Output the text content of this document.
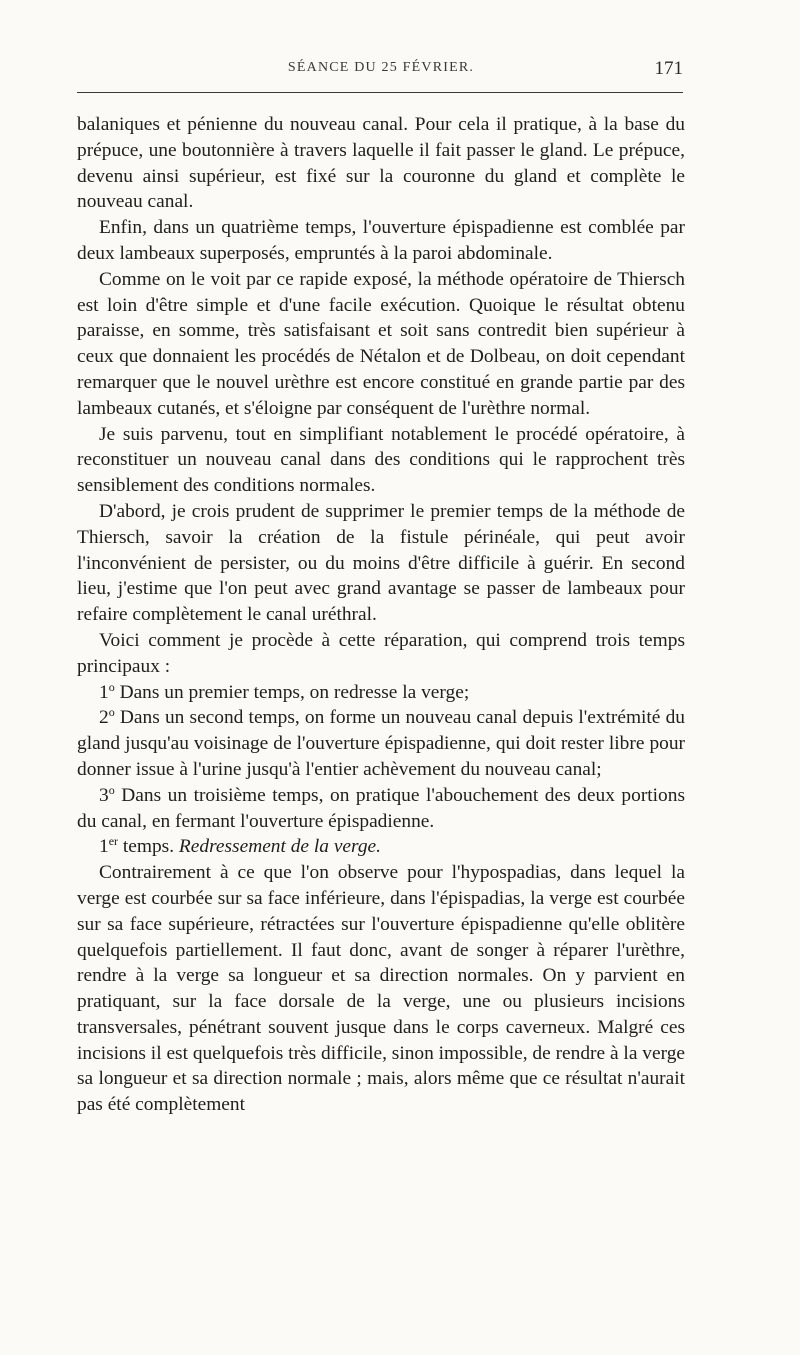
SÉANCE DU 25 FÉVRIER.	171

balaniques et pénienne du nouveau canal. Pour cela il pratique, à la base du prépuce, une boutonnière à travers laquelle il fait passer le gland. Le prépuce, devenu ainsi supérieur, est fixé sur la couronne du gland et complète le nouveau canal.

Enfin, dans un quatrième temps, l'ouverture épispadienne est comblée par deux lambeaux superposés, empruntés à la paroi abdominale.

Comme on le voit par ce rapide exposé, la méthode opératoire de Thiersch est loin d'être simple et d'une facile exécution. Quoique le résultat obtenu paraisse, en somme, très satisfaisant et soit sans contredit bien supérieur à ceux que donnaient les procédés de Nétalon et de Dolbeau, on doit cependant remarquer que le nouvel urèthre est encore constitué en grande partie par des lambeaux cutanés, et s'éloigne par conséquent de l'urèthre normal.

Je suis parvenu, tout en simplifiant notablement le procédé opératoire, à reconstituer un nouveau canal dans des conditions qui le rapprochent très sensiblement des conditions normales.

D'abord, je crois prudent de supprimer le premier temps de la méthode de Thiersch, savoir la création de la fistule périnéale, qui peut avoir l'inconvénient de persister, ou du moins d'être difficile à guérir. En second lieu, j'estime que l'on peut avec grand avantage se passer de lambeaux pour refaire complètement le canal uréthral.

Voici comment je procède à cette réparation, qui comprend trois temps principaux :

1$^o$ Dans un premier temps, on redresse la verge;

2$^o$ Dans un second temps, on forme un nouveau canal depuis l'extrémité du gland jusqu'au voisinage de l'ouverture épispadienne, qui doit rester libre pour donner issue à l'urine jusqu'à l'entier achèvement du nouveau canal;

3$^o$ Dans un troisième temps, on pratique l'abouchement des deux portions du canal, en fermant l'ouverture épispadienne.

1er temps. Redressement de la verge.

Contrairement à ce que l'on observe pour l'hypospadias, dans lequel la verge est courbée sur sa face inférieure, dans l'épispadias, la verge est courbée sur sa face supérieure, rétractées sur l'ouverture épispadienne qu'elle oblitère quelquefois partiellement. Il faut donc, avant de songer à réparer l'urèthre, rendre à la verge sa longueur et sa direction normales. On y parvient en pratiquant, sur la face dorsale de la verge, une ou plusieurs incisions transversales, pénétrant souvent jusque dans le corps caverneux. Malgré ces incisions il est quelquefois très difficile, sinon impossible, de rendre à la verge sa longueur et sa direction normale ; mais, alors même que ce résultat n'aurait pas été complètement
